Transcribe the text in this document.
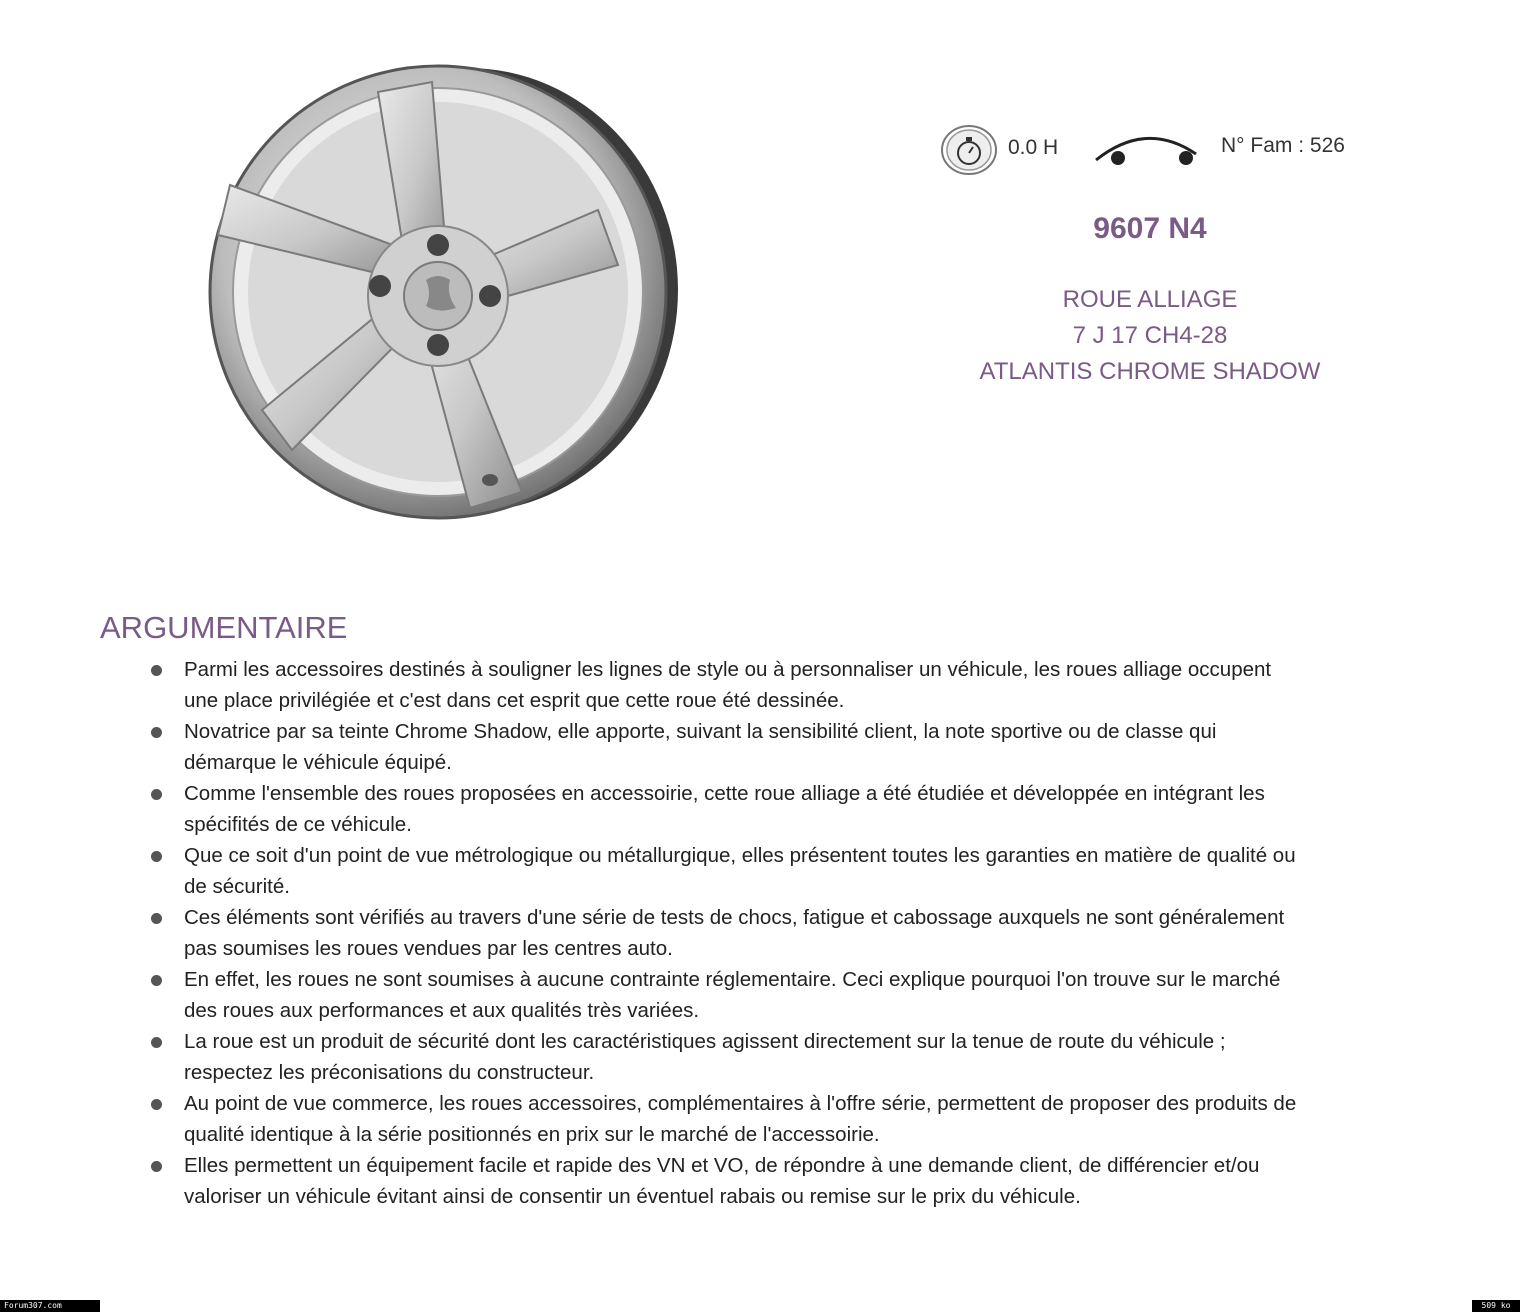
0.0 H	N° Fam : 526
9607 N4
ROUE ALLIAGE
7 J 17 CH4-28
ATLANTIS CHROME SHADOW
ARGUMENTAIRE
Parmi les accessoires destinés à souligner les lignes de style ou à personnaliser un véhicule, les roues alliage occupent
une place privilégiée et c'est dans cet esprit que cette roue été dessinée.
Novatrice par sa teinte Chrome Shadow, elle apporte, suivant la sensibilité client, la note sportive ou de classe qui
démarque le véhicule équipé.
Comme l'ensemble des roues proposées en accessoirie, cette roue alliage a été étudiée et développée en intégrant les
spécifités de ce véhicule.
Que ce soit d'un point de vue métrologique ou métallurgique, elles présentent toutes les garanties en matière de qualité ou
de sécurité.
Ces éléments sont vérifiés au travers d'une série de tests de chocs, fatigue et cabossage auxquels ne sont généralement
pas soumises les roues vendues par les centres auto.
En effet, les roues ne sont soumises à aucune contrainte réglementaire. Ceci explique pourquoi l'on trouve sur le marché
des roues aux performances et aux qualités très variées.
La roue est un produit de sécurité dont les caractéristiques agissent directement sur la tenue de route du véhicule ;
respectez les préconisations du constructeur.
Au point de vue commerce, les roues accessoires, complémentaires à l'offre série, permettent de proposer des produits de
qualité identique à la série positionnés en prix sur le marché de l'accessoirie.
Elles permettent un équipement facile et rapide des VN et VO, de répondre à une demande client, de différencier et/ou
valoriser un véhicule évitant ainsi de consentir un éventuel rabais ou remise sur le prix du véhicule.
Forum307.com	509 ko
